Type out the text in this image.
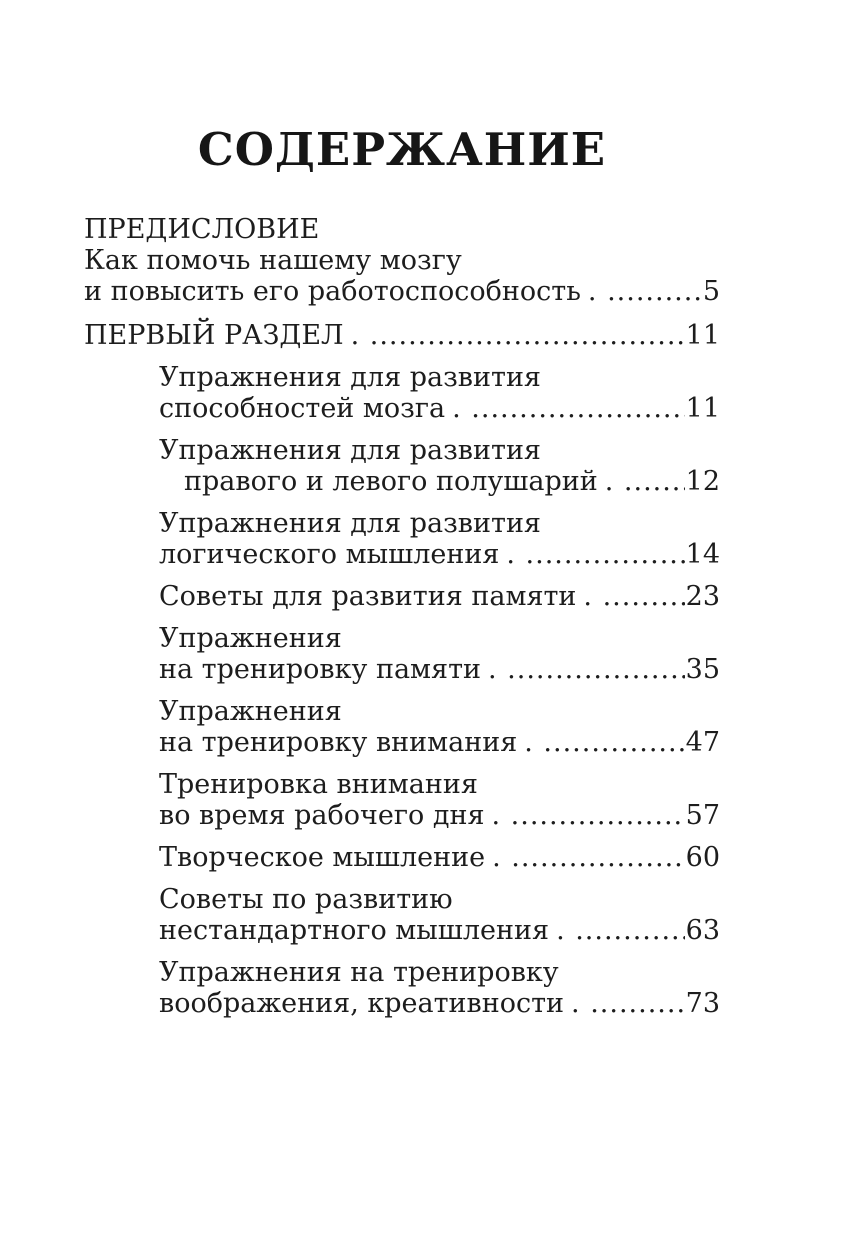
СОДЕРЖАНИЕ
ПРЕДИСЛОВИЕ
Как помочь нашему мозгу
и повысить его работоспособность . ...	5
ПЕРВЫЙ РАЗДЕЛ . ...	11
Упражнения для развития
способностей мозга . ...	11
Упражнения для развития
правого и левого полушарий . ...	12
Упражнения для развития
логического мышления . ...	14
Советы для развития памяти . ...	23
Упражнения
на тренировку памяти . ...	35
Упражнения
на тренировку внимания . ...	47
Тренировка внимания
во время рабочего дня . ...	57
Творческое мышление . ...	60
Советы по развитию
нестандартного мышления . ...	63
Упражнения на тренировку
воображения, креативности . ...	73
